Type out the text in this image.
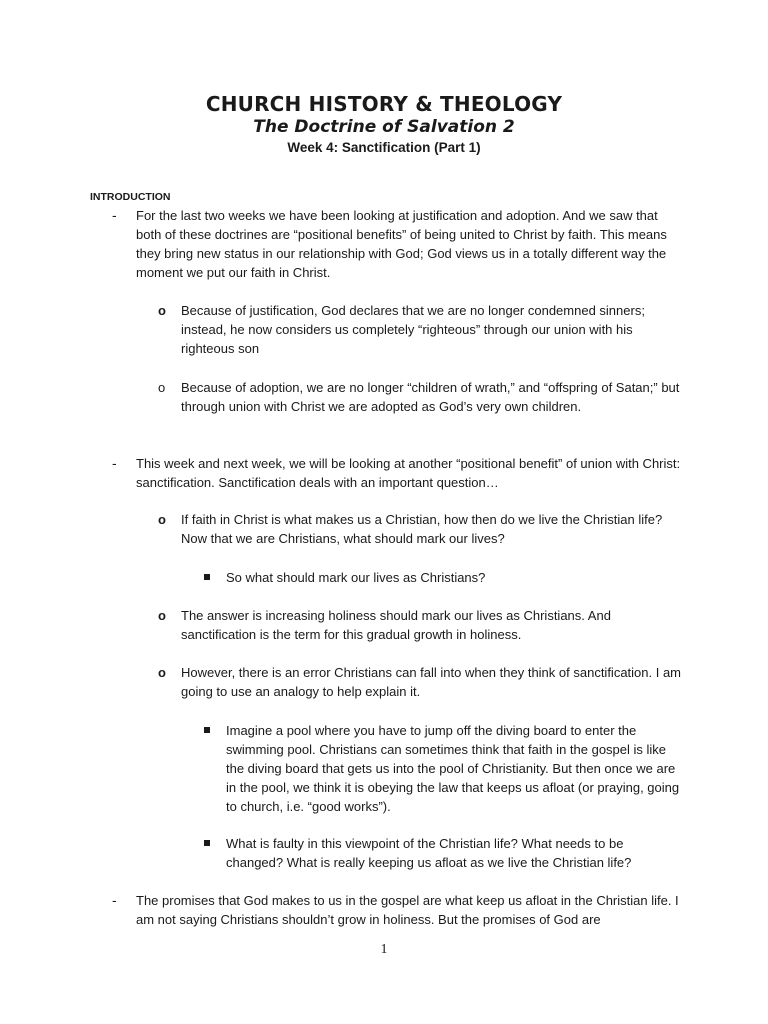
CHURCH HISTORY & THEOLOGY
The Doctrine of Salvation 2
Week 4: Sanctification (Part 1)
INTRODUCTION
- For the last two weeks we have been looking at justification and adoption. And we saw that both of these doctrines are “positional benefits” of being united to Christ by faith. This means they bring new status in our relationship with God; God views us in a totally different way the moment we put our faith in Christ.

o Because of justification, God declares that we are no longer condemned sinners; instead, he now considers us completely “righteous” through our union with his righteous son

o Because of adoption, we are no longer “children of wrath,” and “offspring of Satan;” but through union with Christ we are adopted as God’s very own children.

- This week and next week, we will be looking at another “positional benefit” of union with Christ: sanctification. Sanctification deals with an important question…

o If faith in Christ is what makes us a Christian, how then do we live the Christian life? Now that we are Christians, what should mark our lives?

So what should mark our lives as Christians?

o The answer is increasing holiness should mark our lives as Christians. And sanctification is the term for this gradual growth in holiness.

o However, there is an error Christians can fall into when they think of sanctification. I am going to use an analogy to help explain it.

Imagine a pool where you have to jump off the diving board to enter the swimming pool. Christians can sometimes think that faith in the gospel is like the diving board that gets us into the pool of Christianity. But then once we are in the pool, we think it is obeying the law that keeps us afloat (or praying, going to church, i.e. “good works”).

What is faulty in this viewpoint of the Christian life? What needs to be changed? What is really keeping us afloat as we live the Christian life?

- The promises that God makes to us in the gospel are what keep us afloat in the Christian life. I am not saying Christians shouldn’t grow in holiness. But the promises of God are

1
